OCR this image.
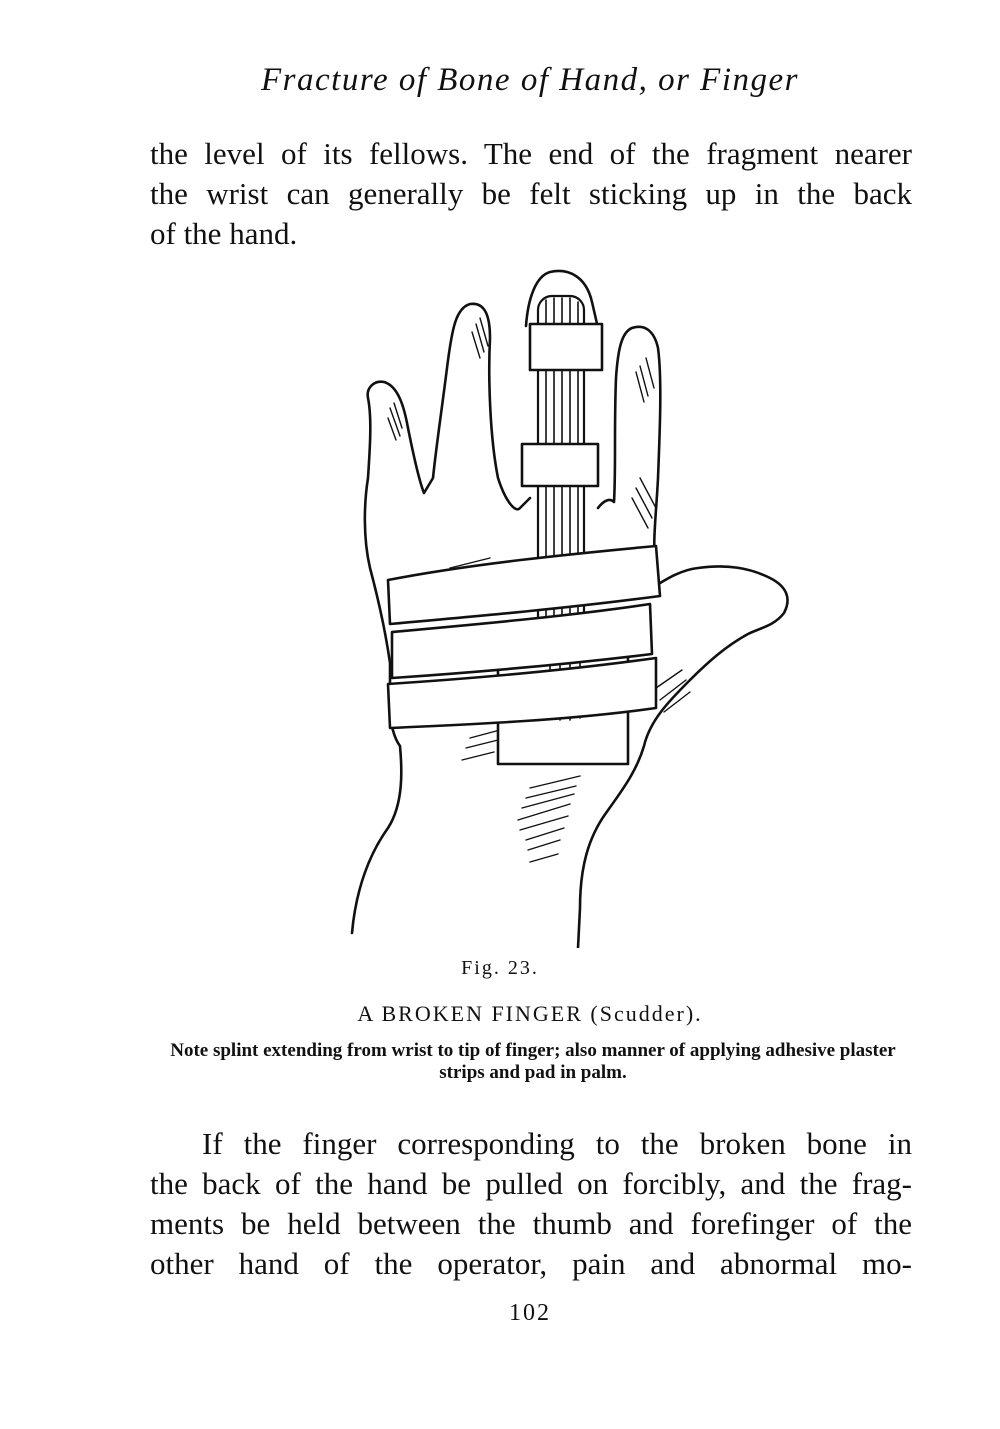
Fracture of Bone of Hand, or Finger
the level of its fellows. The end of the fragment nearer
the wrist can generally be felt sticking up in the back
of the hand.
Fig. 23.
A BROKEN FINGER (Scudder).
Note splint extending from wrist to tip of finger; also manner of applying adhesive plaster strips and pad in palm.
If the finger corresponding to the broken bone in
the back of the hand be pulled on forcibly, and the frag-
ments be held between the thumb and forefinger of the
other hand of the operator, pain and abnormal mo-
102
